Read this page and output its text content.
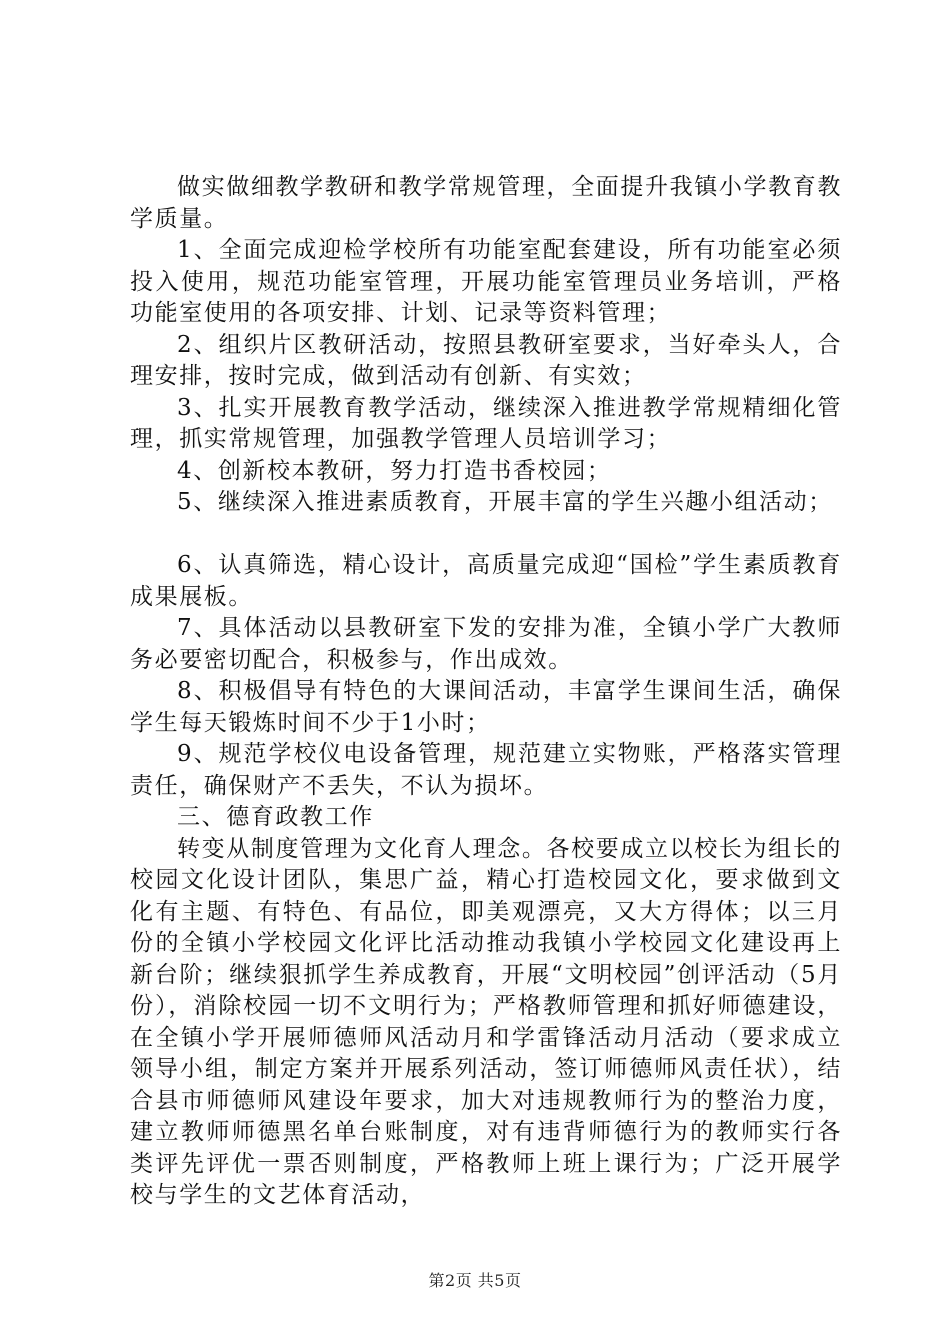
做实做细教学教研和教学常规管理，全面提升我镇小学教育教学质量。

1、全面完成迎检学校所有功能室配套建设，所有功能室必须投入使用，规范功能室管理，开展功能室管理员业务培训，严格功能室使用的各项安排、计划、记录等资料管理；

2、组织片区教研活动，按照县教研室要求，当好牵头人，合理安排，按时完成，做到活动有创新、有实效；

3、扎实开展教育教学活动，继续深入推进教学常规精细化管理，抓实常规管理，加强教学管理人员培训学习；

4、创新校本教研，努力打造书香校园；

5、继续深入推进素质教育，开展丰富的学生兴趣小组活动；

6、认真筛选，精心设计，高质量完成迎“国检”学生素质教育成果展板。

7、具体活动以县教研室下发的安排为准，全镇小学广大教师务必要密切配合，积极参与，作出成效。

8、积极倡导有特色的大课间活动，丰富学生课间生活，确保学生每天锻炼时间不少于1小时；

9、规范学校仪电设备管理，规范建立实物账，严格落实管理责任，确保财产不丢失，不认为损坏。

三、德育政教工作

转变从制度管理为文化育人理念。各校要成立以校长为组长的校园文化设计团队，集思广益，精心打造校园文化，要求做到文化有主题、有特色、有品位，即美观漂亮，又大方得体；以三月份的全镇小学校园文化评比活动推动我镇小学校园文化建设再上新台阶；继续狠抓学生养成教育，开展“文明校园”创评活动（5月份），消除校园一切不文明行为；严格教师管理和抓好师德建设，在全镇小学开展师德师风活动月和学雷锋活动月活动（要求成立领导小组，制定方案并开展系列活动，签订师德师风责任状），结合县市师德师风建设年要求，加大对违规教师行为的整治力度，建立教师师德黑名单台账制度，对有违背师德行为的教师实行各类评先评优一票否则制度，严格教师上班上课行为；广泛开展学校与学生的文艺体育活动，

第2页 共5页
